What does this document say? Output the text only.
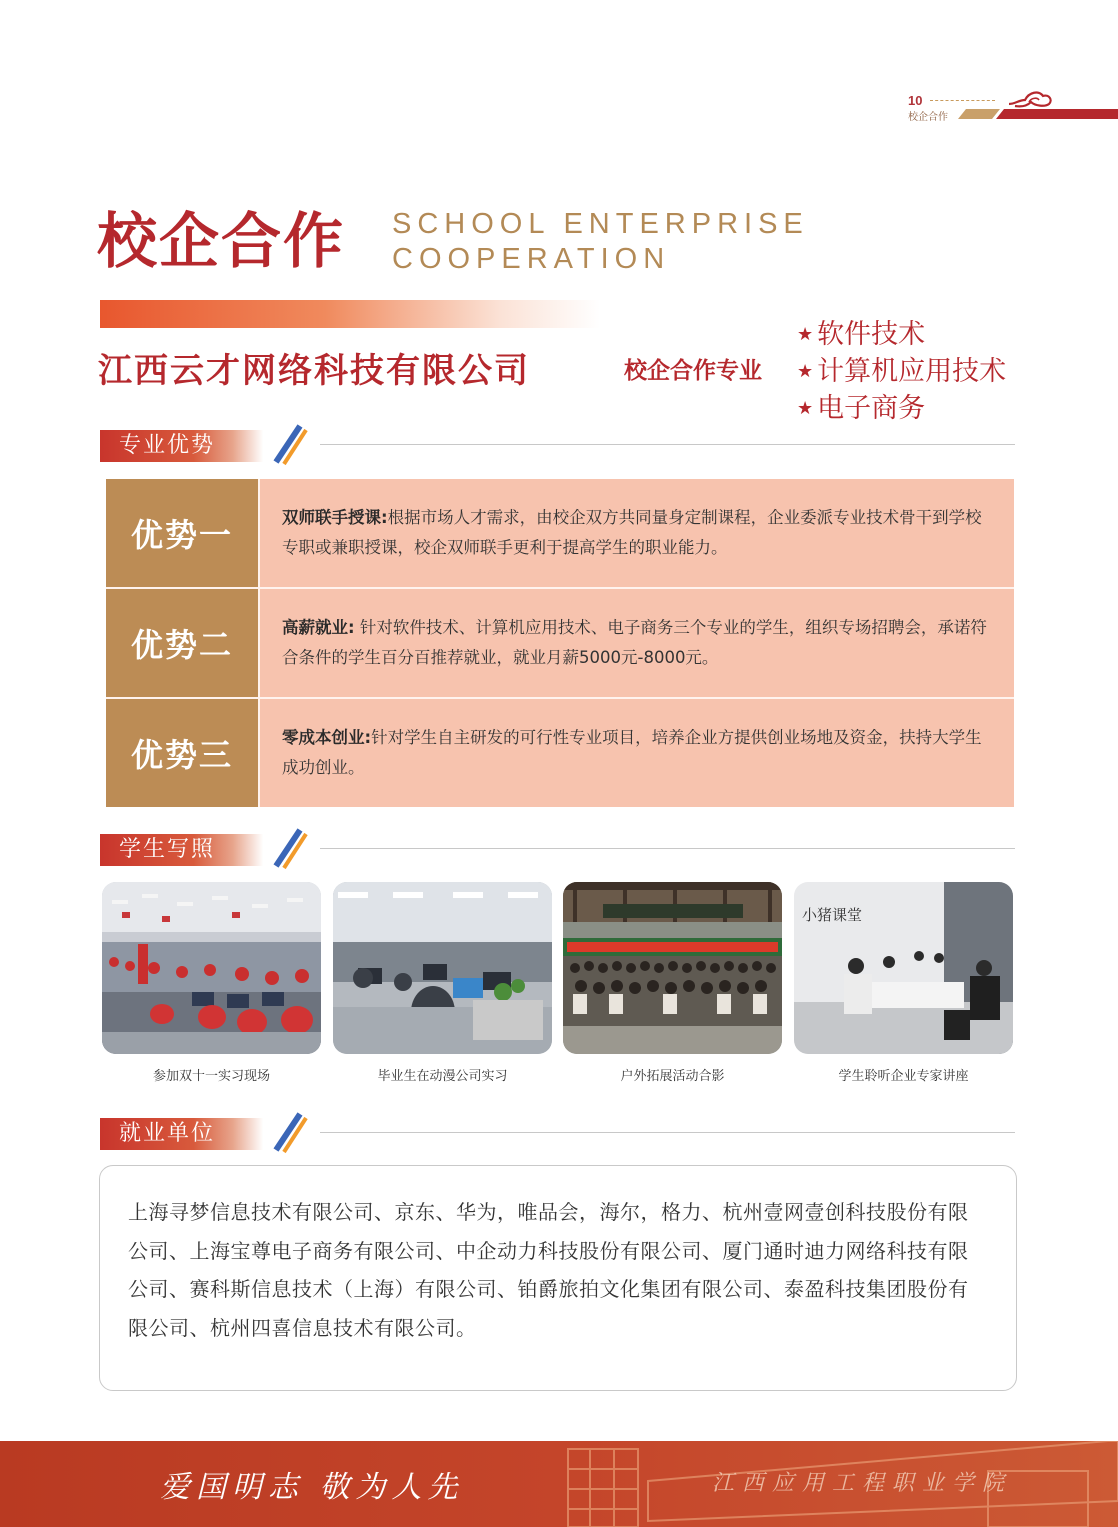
10
校企合作
校企合作 SCHOOL ENTERPRISE
COOPERATION
江西云才网络科技有限公司	校企合作专业
★ 软件技术
★ 计算机应用技术
★ 电子商务
专业优势
优势一	双师联手授课:根据市场人才需求，由校企双方共同量身定制课程，企业委派专业技术骨干到学校专职或兼职授课，校企双师联手更利于提高学生的职业能力。
优势二	高薪就业: 针对软件技术、计算机应用技术、电子商务三个专业的学生，组织专场招聘会，承诺符合条件的学生百分百推荐就业，就业月薪5000元-8000元。
优势三	零成本创业:针对学生自主研发的可行性专业项目，培养企业方提供创业场地及资金，扶持大学生成功创业。
学生写照
参加双十一实习现场	毕业生在动漫公司实习	户外拓展活动合影
小猪课堂
学生聆听企业专家讲座
就业单位
上海寻梦信息技术有限公司、京东、华为，唯品会，海尔，格力、杭州壹网壹创科技股份有限公司、上海宝尊电子商务有限公司、中企动力科技股份有限公司、厦门通时迪力网络科技有限公司、赛科斯信息技术（上海）有限公司、铂爵旅拍文化集团有限公司、泰盈科技集团股份有限公司、杭州四喜信息技术有限公司。
爱国明志 敬为人先	江西应用工程职业学院
